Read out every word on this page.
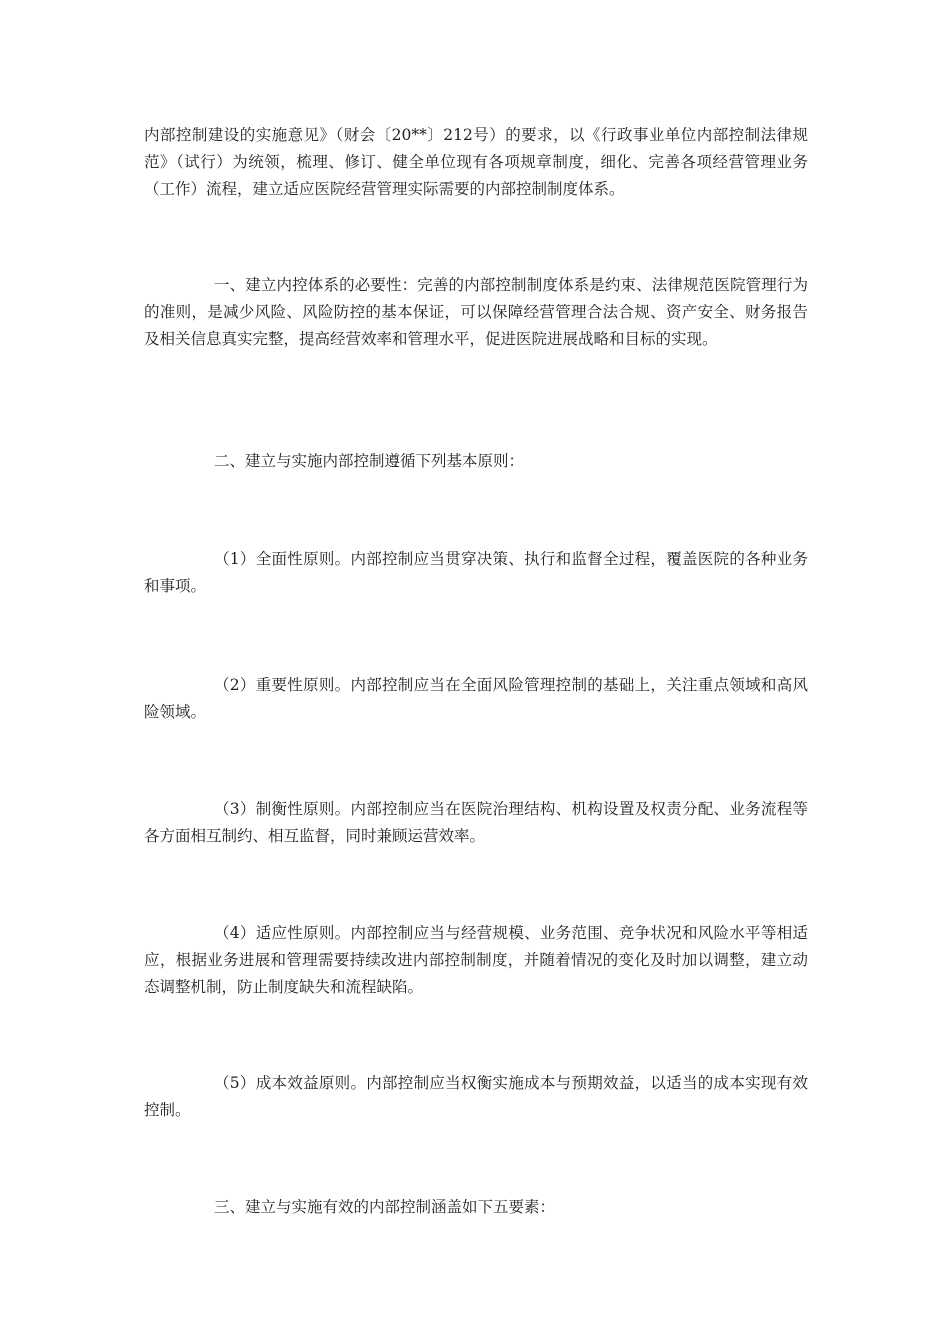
内部控制建设的实施意见》（财会〔20**〕212号）的要求，以《行政事业单位内部控制法律规范》（试行）为统领，梳理、修订、健全单位现有各项规章制度，细化、完善各项经营管理业务（工作）流程，建立适应医院经营管理实际需要的内部控制制度体系。

一、建立内控体系的必要性：完善的内部控制制度体系是约束、法律规范医院管理行为的准则，是减少风险、风险防控的基本保证，可以保障经营管理合法合规、资产安全、财务报告及相关信息真实完整，提高经营效率和管理水平，促进医院进展战略和目标的实现。

二、建立与实施内部控制遵循下列基本原则：

（1）全面性原则。内部控制应当贯穿决策、执行和监督全过程，覆盖医院的各种业务和事项。

（2）重要性原则。内部控制应当在全面风险管理控制的基础上，关注重点领域和高风险领域。

（3）制衡性原则。内部控制应当在医院治理结构、机构设置及权责分配、业务流程等各方面相互制约、相互监督，同时兼顾运营效率。

（4）适应性原则。内部控制应当与经营规模、业务范围、竞争状况和风险水平等相适应，根据业务进展和管理需要持续改进内部控制制度，并随着情况的变化及时加以调整，建立动态调整机制，防止制度缺失和流程缺陷。

（5）成本效益原则。内部控制应当权衡实施成本与预期效益，以适当的成本实现有效控制。

三、建立与实施有效的内部控制涵盖如下五要素：
